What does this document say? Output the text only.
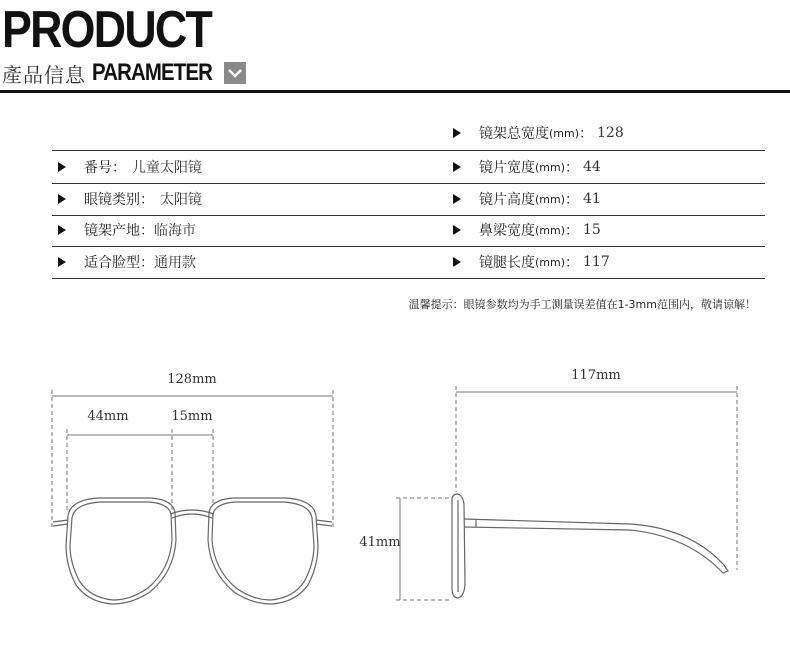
PRODUCT
產品信息 PARAMETER
镜架总宽度 (mm) ： 128
镜片宽度 (mm) ： 44
镜片高度 (mm) ： 41
鼻梁宽度 (mm) ： 15
镜腿长度 (mm) ： 117
番号： 儿童太阳镜
眼镜类别： 太阳镜
镜架产地： 临海市
适合脸型： 通用款
温馨提示：眼镜参数均为手工测量误差值在1-3mm范围内，敬请谅解！
128mm
44mm	15mm
117mm
41mm
